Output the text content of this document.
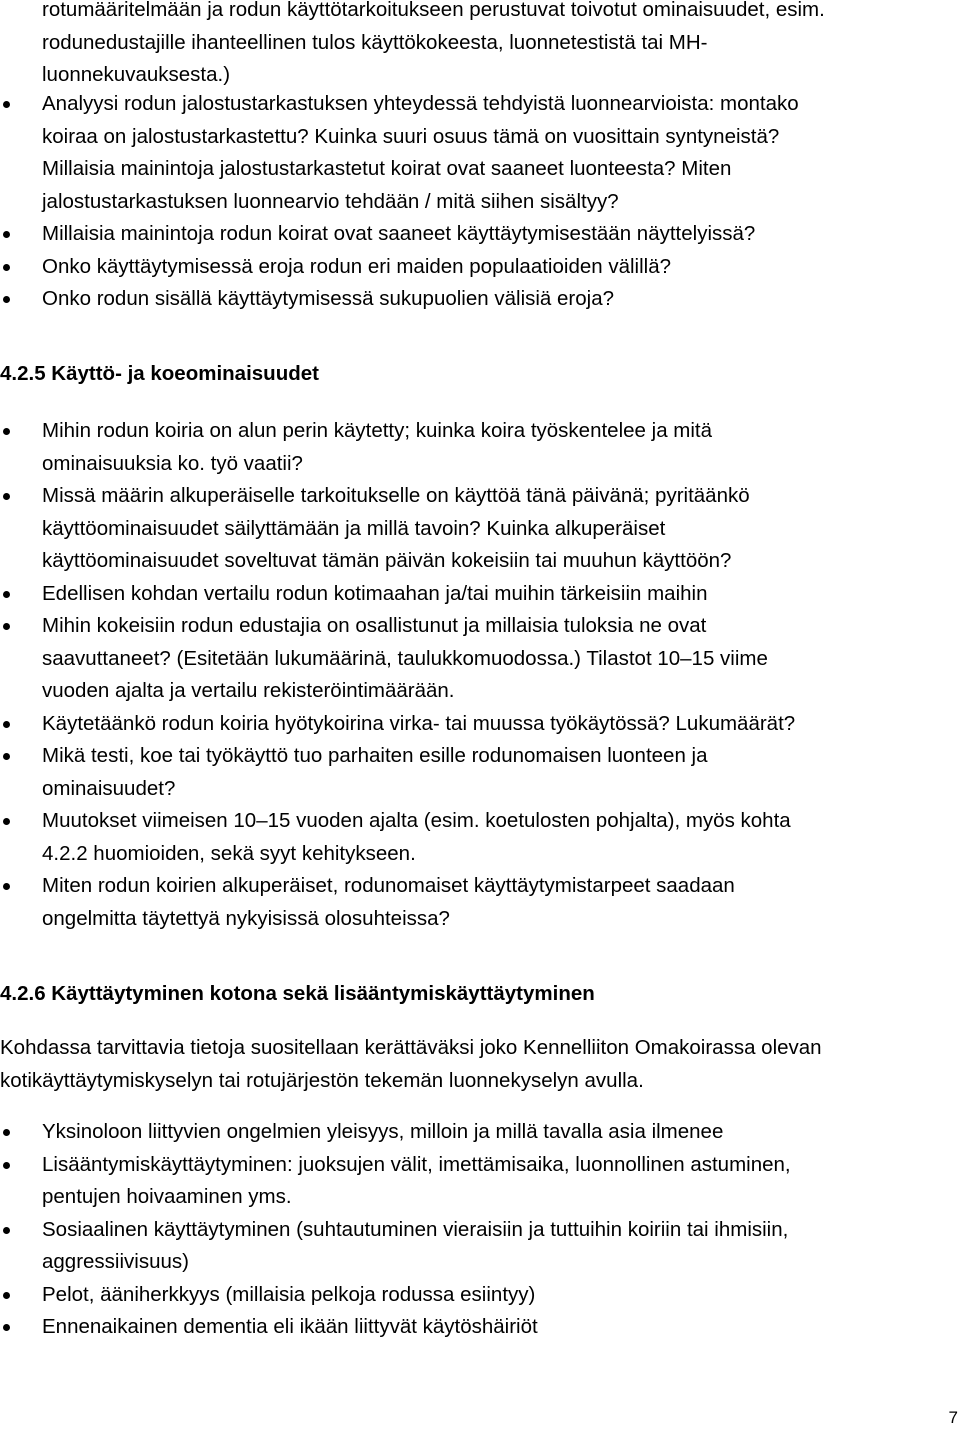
rotumääritelmään ja rodun käyttötarkoitukseen perustuvat toivotut ominaisuudet, esim.
rodunedustajille ihanteellinen tulos käyttökokeesta, luonnetestistä tai MH-
luonnekuvauksesta.)
Analyysi rodun jalostustarkastuksen yhteydessä tehdyistä luonnearvioista: montako
koiraa on jalostustarkastettu? Kuinka suuri osuus tämä on vuosittain syntyneistä?
Millaisia mainintoja jalostustarkastetut koirat ovat saaneet luonteesta? Miten
jalostustarkastuksen luonnearvio tehdään / mitä siihen sisältyy?
Millaisia mainintoja rodun koirat ovat saaneet käyttäytymisestään näyttelyissä?
Onko käyttäytymisessä eroja rodun eri maiden populaatioiden välillä?
Onko rodun sisällä käyttäytymisessä sukupuolien välisiä eroja?
4.2.5 Käyttö- ja koeominaisuudet
Mihin rodun koiria on alun perin käytetty; kuinka koira työskentelee ja mitä
ominaisuuksia ko. työ vaatii?
Missä määrin alkuperäiselle tarkoitukselle on käyttöä tänä päivänä; pyritäänkö
käyttöominaisuudet säilyttämään ja millä tavoin? Kuinka alkuperäiset
käyttöominaisuudet soveltuvat tämän päivän kokeisiin tai muuhun käyttöön?
Edellisen kohdan vertailu rodun kotimaahan ja/tai muihin tärkeisiin maihin
Mihin kokeisiin rodun edustajia on osallistunut ja millaisia tuloksia ne ovat
saavuttaneet? (Esitetään lukumäärinä, taulukkomuodossa.) Tilastot 10–15 viime
vuoden ajalta ja vertailu rekisteröintimäärään.
Käytetäänkö rodun koiria hyötykoirina virka- tai muussa työkäytössä? Lukumäärät?
Mikä testi, koe tai työkäyttö tuo parhaiten esille rodunomaisen luonteen ja
ominaisuudet?
Muutokset viimeisen 10–15 vuoden ajalta (esim. koetulosten pohjalta), myös kohta
4.2.2 huomioiden, sekä syyt kehitykseen.
Miten rodun koirien alkuperäiset, rodunomaiset käyttäytymistarpeet saadaan
ongelmitta täytettyä nykyisissä olosuhteissa?
4.2.6 Käyttäytyminen kotona sekä lisääntymiskäyttäytyminen
Kohdassa tarvittavia tietoja suositellaan kerättäväksi joko Kennelliiton Omakoirassa olevan
kotikäyttäytymiskyselyn tai rotujärjestön tekemän luonnekyselyn avulla.
Yksinoloon liittyvien ongelmien yleisyys, milloin ja millä tavalla asia ilmenee
Lisääntymiskäyttäytyminen: juoksujen välit, imettämisaika, luonnollinen astuminen,
pentujen hoivaaminen yms.
Sosiaalinen käyttäytyminen (suhtautuminen vieraisiin ja tuttuihin koiriin tai ihmisiin,
aggressiivisuus)
Pelot, ääniherkkyys (millaisia pelkoja rodussa esiintyy)
Ennenaikainen dementia eli ikään liittyvät käytöshäiriöt
7
